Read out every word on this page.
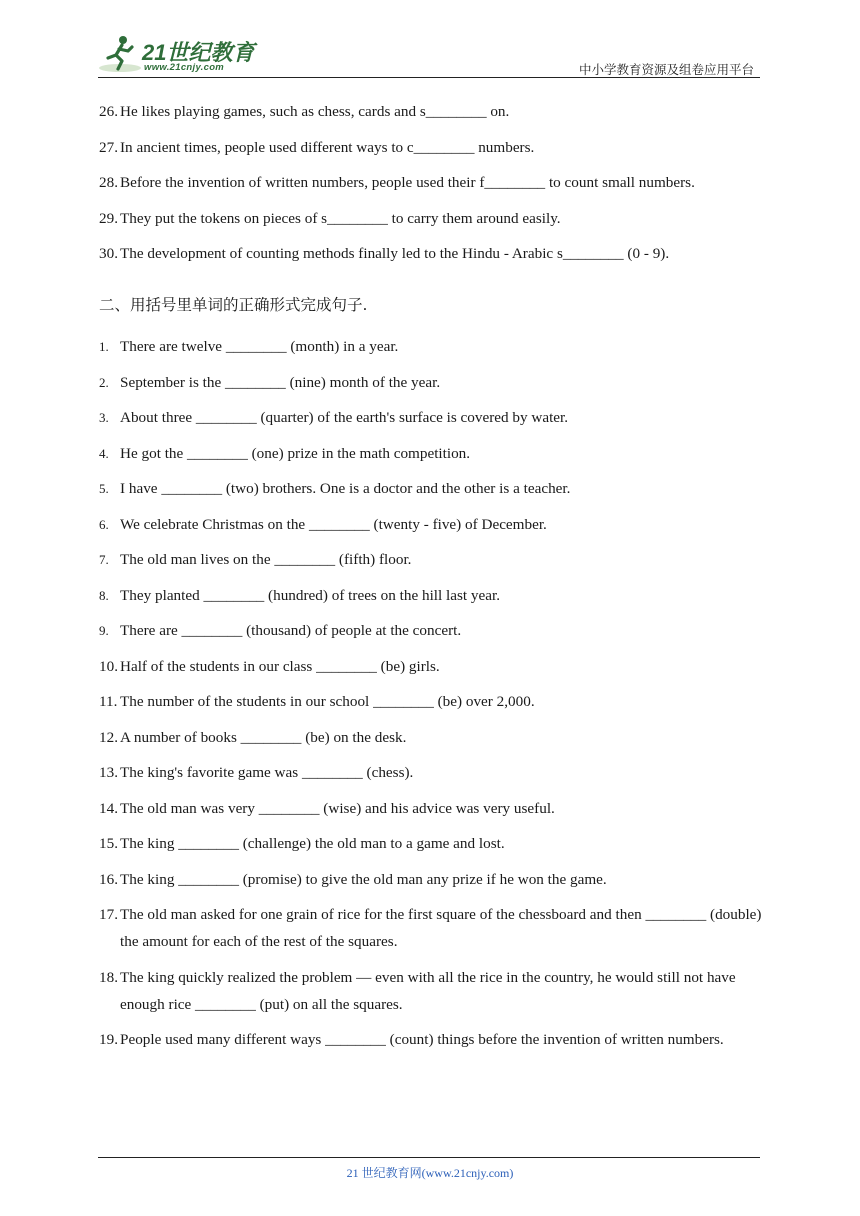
21世纪教育
www.21cnjy.com	中小学教育资源及组卷应用平台
26. He likes playing games, such as chess, cards and s________ on.
27. In ancient times, people used different ways to c________ numbers.
28. Before the invention of written numbers, people used their f________ to count small numbers.
29. They put the tokens on pieces of s________ to carry them around easily.
30. The development of counting methods finally led to the Hindu - Arabic s________ (0 - 9).
二、用括号里单词的正确形式完成句子.
1. There are twelve ________ (month) in a year.
2. September is the ________ (nine) month of the year.
3. About three ________ (quarter) of the earth's surface is covered by water.
4. He got the ________ (one) prize in the math competition.
5. I have ________ (two) brothers. One is a doctor and the other is a teacher.
6. We celebrate Christmas on the ________ (twenty - five) of December.
7. The old man lives on the ________ (fifth) floor.
8. They planted ________ (hundred) of trees on the hill last year.
9. There are ________ (thousand) of people at the concert.
10. Half of the students in our class ________ (be) girls.
11. The number of the students in our school ________ (be) over 2,000.
12. A number of books ________ (be) on the desk.
13. The king's favorite game was ________ (chess).
14. The old man was very ________ (wise) and his advice was very useful.
15. The king ________ (challenge) the old man to a game and lost.
16. The king ________ (promise) to give the old man any prize if he won the game.
17. The old man asked for one grain of rice for the first square of the chessboard and then ________ (double) the amount for each of the rest of the squares.
18. The king quickly realized the problem — even with all the rice in the country, he would still not have enough rice ________ (put) on all the squares.
19. People used many different ways ________ (count) things before the invention of written numbers.
21 世纪教育网(www.21cnjy.com)
